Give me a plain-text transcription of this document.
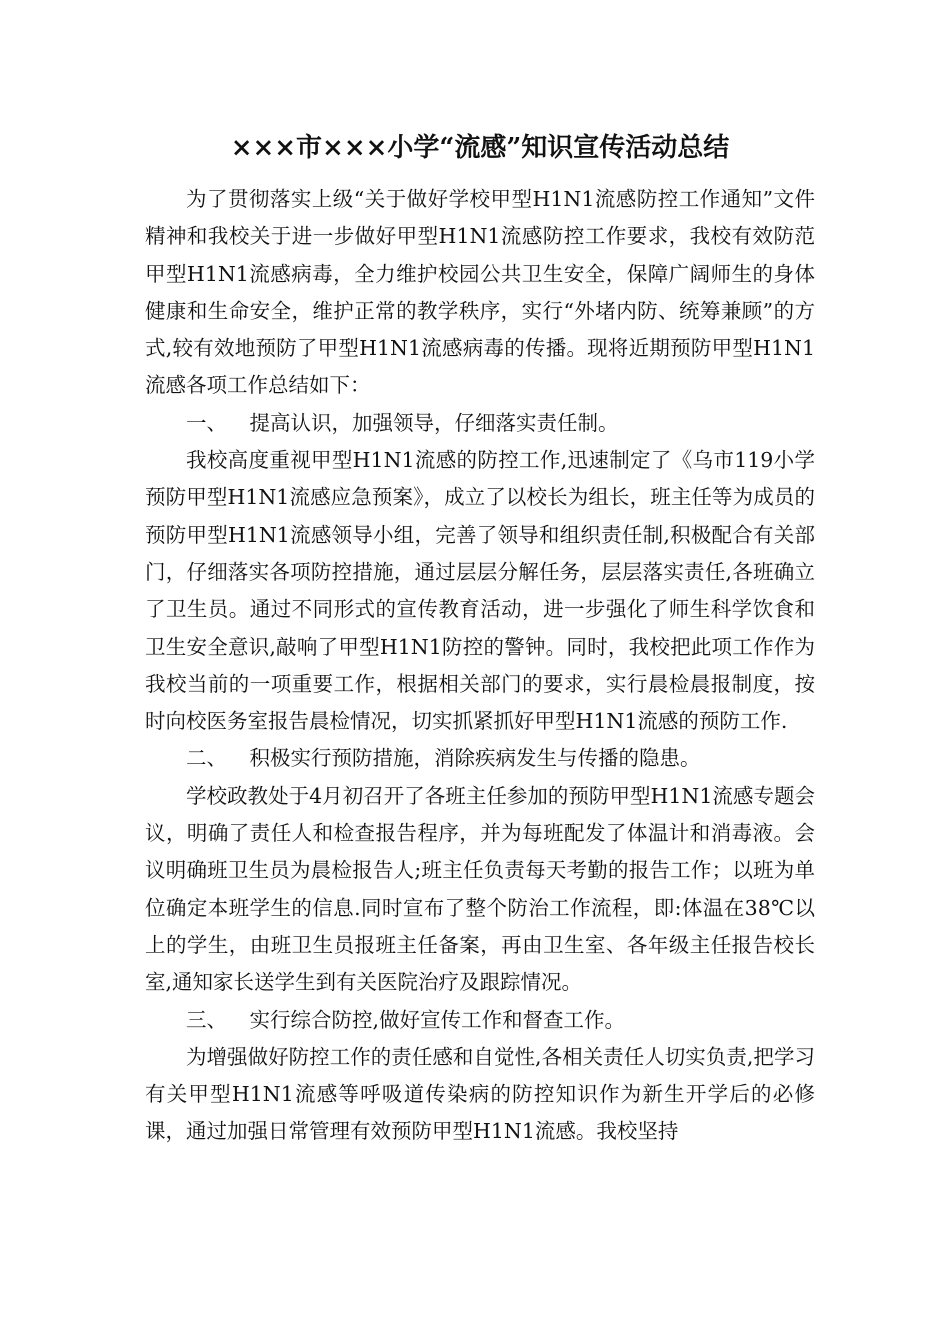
×××市×××小学“流感”知识宣传活动总结

为了贯彻落实上级“关于做好学校甲型H1N1流感防控工作通知”文件精神和我校关于进一步做好甲型H1N1流感防控工作要求，我校有效防范甲型H1N1流感病毒，全力维护校园公共卫生安全，保障广阔师生的身体健康和生命安全，维护正常的教学秩序，实行“外堵内防、统筹兼顾”的方式,较有效地预防了甲型H1N1流感病毒的传播。现将近期预防甲型H1N1流感各项工作总结如下：

一、 提高认识，加强领导，仔细落实责任制。

我校高度重视甲型H1N1流感的防控工作,迅速制定了《乌市119小学预防甲型H1N1流感应急预案》，成立了以校长为组长，班主任等为成员的预防甲型H1N1流感领导小组，完善了领导和组织责任制,积极配合有关部门，仔细落实各项防控措施，通过层层分解任务，层层落实责任,各班确立了卫生员。通过不同形式的宣传教育活动，进一步强化了师生科学饮食和卫生安全意识,敲响了甲型H1N1防控的警钟。同时，我校把此项工作作为我校当前的一项重要工作，根据相关部门的要求，实行晨检晨报制度，按时向校医务室报告晨检情况，切实抓紧抓好甲型H1N1流感的预防工作.

二、 积极实行预防措施，消除疾病发生与传播的隐患。

学校政教处于4月初召开了各班主任参加的预防甲型H1N1流感专题会议，明确了责任人和检查报告程序，并为每班配发了体温计和消毒液。会议明确班卫生员为晨检报告人;班主任负责每天考勤的报告工作；以班为单位确定本班学生的信息.同时宣布了整个防治工作流程，即:体温在38℃以上的学生，由班卫生员报班主任备案，再由卫生室、各年级主任报告校长室,通知家长送学生到有关医院治疗及跟踪情况。

三、 实行综合防控,做好宣传工作和督查工作。

为增强做好防控工作的责任感和自觉性,各相关责任人切实负责,把学习有关甲型H1N1流感等呼吸道传染病的防控知识作为新生开学后的必修课，通过加强日常管理有效预防甲型H1N1流感。我校坚持
